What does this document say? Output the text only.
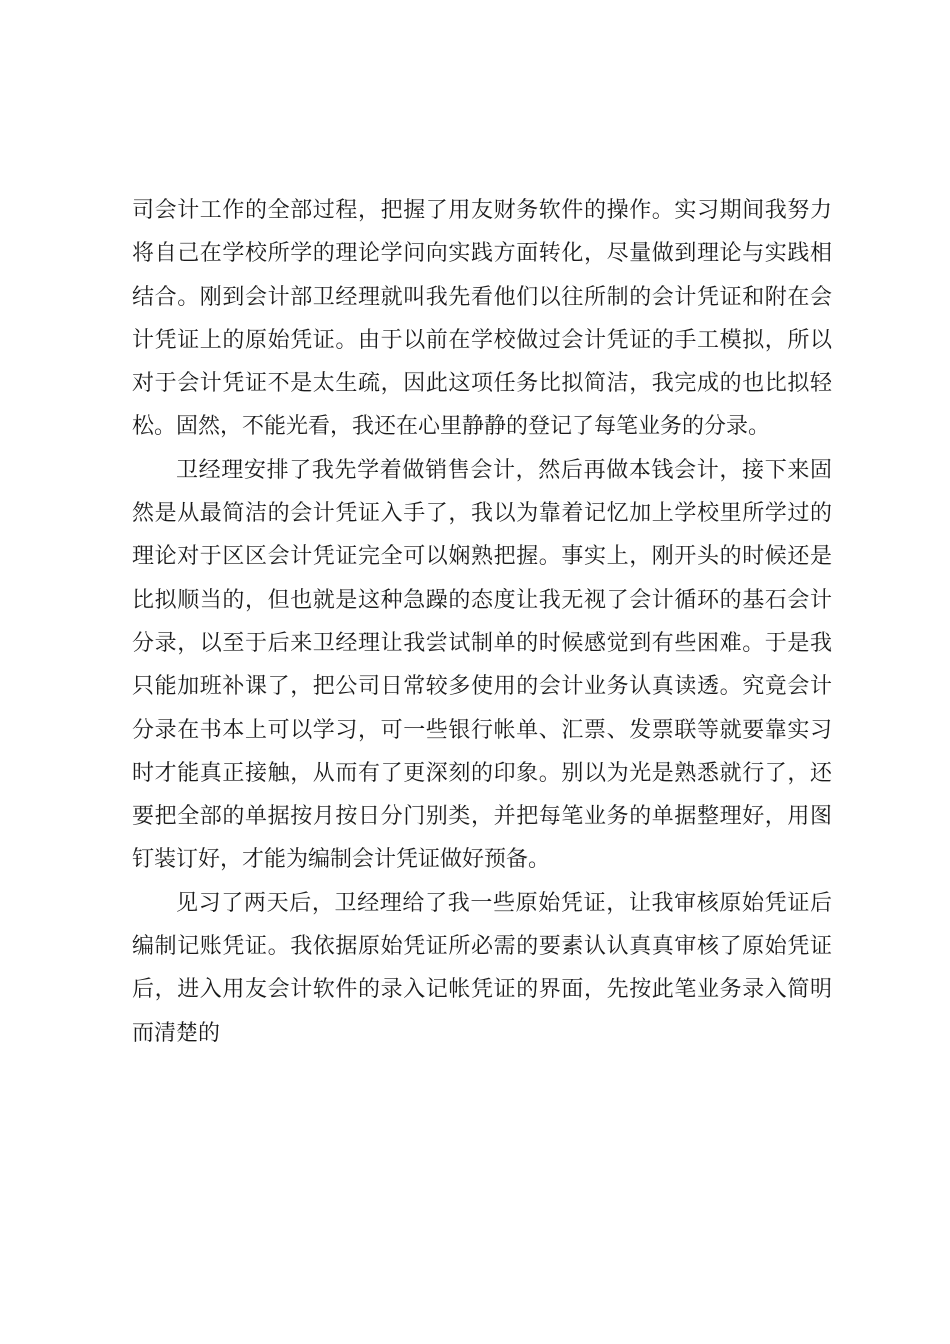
司会计工作的全部过程，把握了用友财务软件的操作。实习期间我努力
将自己在学校所学的理论学问向实践方面转化，尽量做到理论与实践相
结合。刚到会计部卫经理就叫我先看他们以往所制的会计凭证和附在会
计凭证上的原始凭证。由于以前在学校做过会计凭证的手工模拟，所以
对于会计凭证不是太生疏，因此这项任务比拟简洁，我完成的也比拟轻
松。固然，不能光看，我还在心里静静的登记了每笔业务的分录。
卫经理安排了我先学着做销售会计，然后再做本钱会计，接下来固
然是从最简洁的会计凭证入手了，我以为靠着记忆加上学校里所学过的
理论对于区区会计凭证完全可以娴熟把握。事实上，刚开头的时候还是
比拟顺当的，但也就是这种急躁的态度让我无视了会计循环的基石会计
分录，以至于后来卫经理让我尝试制单的时候感觉到有些困难。于是我
只能加班补课了，把公司日常较多使用的会计业务认真读透。究竟会计
分录在书本上可以学习，可一些银行帐单、汇票、发票联等就要靠实习
时才能真正接触，从而有了更深刻的印象。别以为光是熟悉就行了，还
要把全部的单据按月按日分门别类，并把每笔业务的单据整理好，用图
钉装订好，才能为编制会计凭证做好预备。
见习了两天后，卫经理给了我一些原始凭证，让我审核原始凭证后
编制记账凭证。我依据原始凭证所必需的要素认认真真审核了原始凭证
后，进入用友会计软件的录入记帐凭证的界面，先按此笔业务录入简明
而清楚的
